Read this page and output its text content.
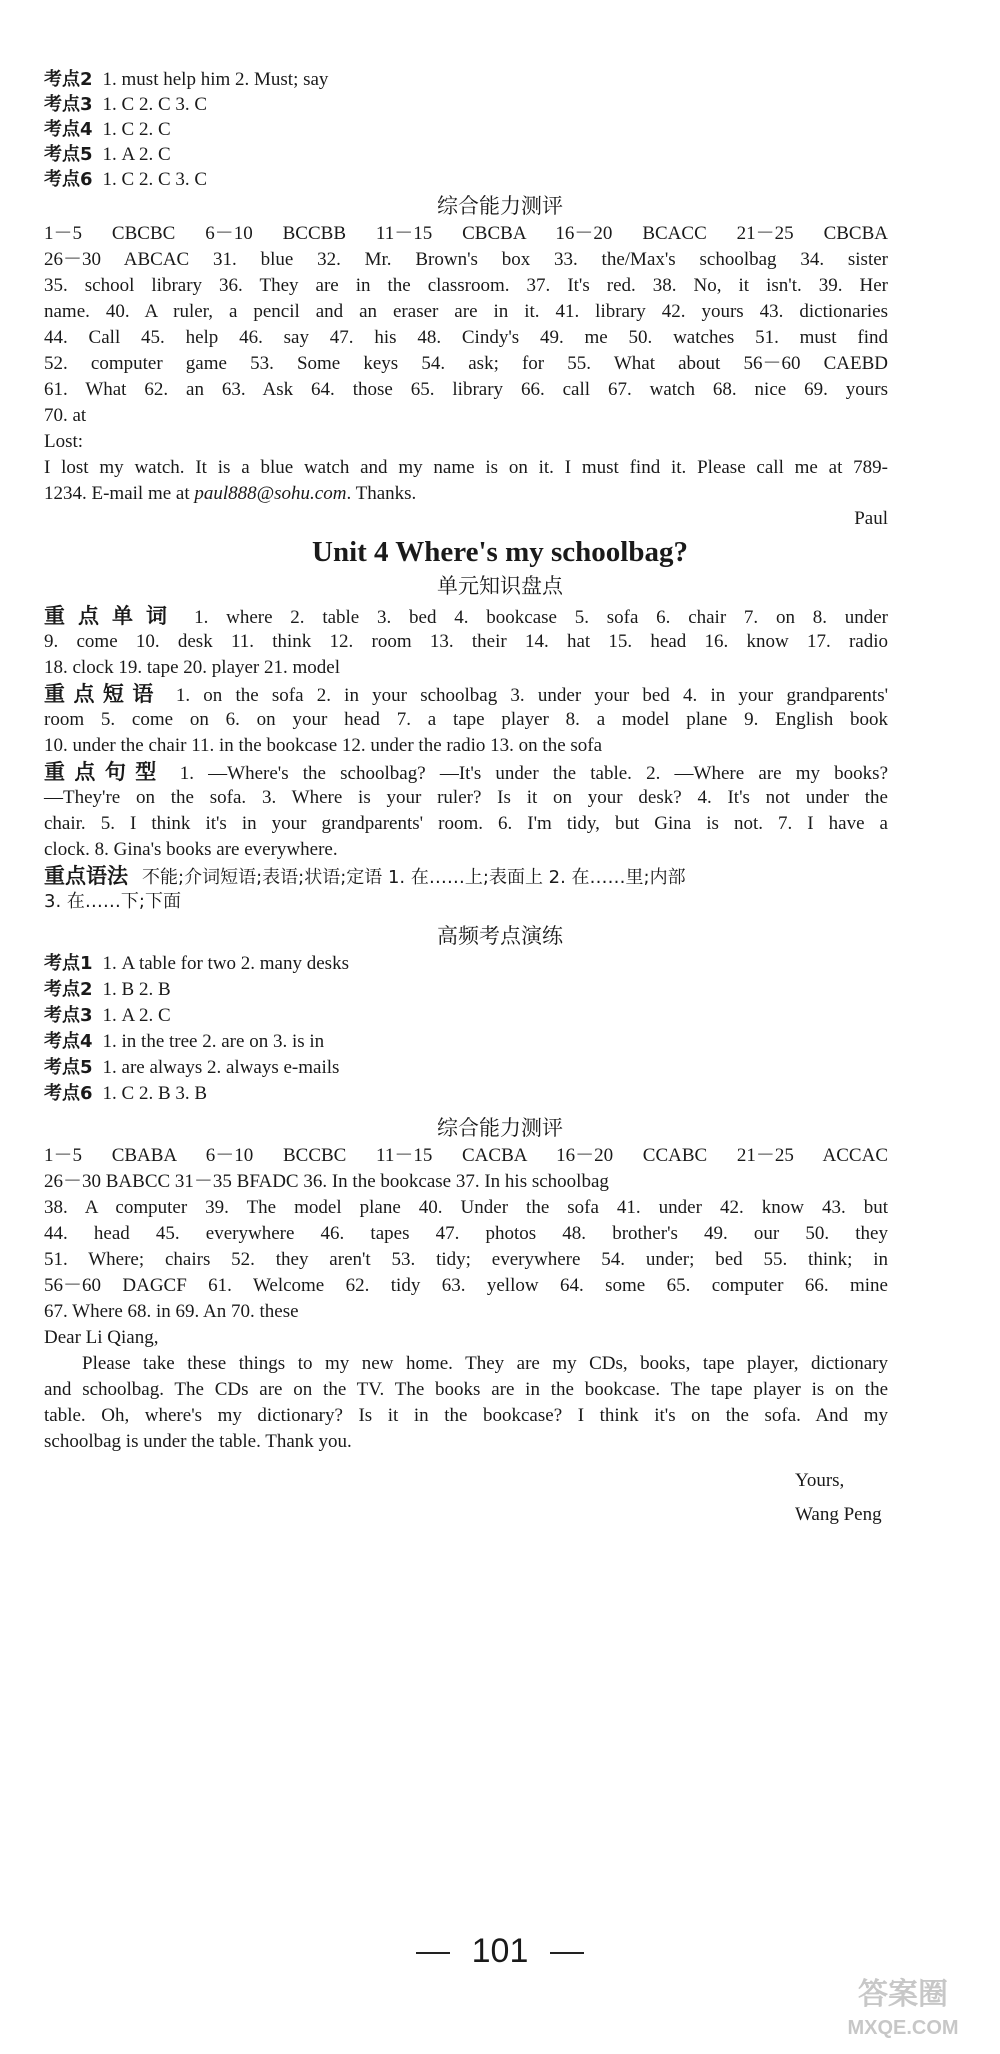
考点2 1. must help him 2. Must; say
考点3 1. C 2. C 3. C
考点4 1. C 2. C
考点5 1. A 2. C
考点6 1. C 2. C 3. C
综合能力测评
1－5 CBCBC 6－10 BCCBB 11－15 CBCBA 16－20 BCACC 21－25 CBCBA
26－30 ABCAC 31. blue 32. Mr. Brown's box 33. the/Max's schoolbag 34. sister
35. school library 36. They are in the classroom. 37. It's red. 38. No, it isn't. 39. Her
name. 40. A ruler, a pencil and an eraser are in it. 41. library 42. yours 43. dictionaries
44. Call 45. help 46. say 47. his 48. Cindy's 49. me 50. watches 51. must find
52. computer game 53. Some keys 54. ask; for 55. What about 56－60 CAEBD
61. What 62. an 63. Ask 64. those 65. library 66. call 67. watch 68. nice 69. yours
70. at
Lost:
I lost my watch. It is a blue watch and my name is on it. I must find it. Please call me at 789-
1234. E-mail me at paul888@sohu.com. Thanks.
Paul
Unit 4 Where's my schoolbag?
单元知识盘点
重点单词 1. where 2. table 3. bed 4. bookcase 5. sofa 6. chair 7. on 8. under
9. come 10. desk 11. think 12. room 13. their 14. hat 15. head 16. know 17. radio
18. clock 19. tape 20. player 21. model
重点短语 1. on the sofa 2. in your schoolbag 3. under your bed 4. in your grandparents'
room 5. come on 6. on your head 7. a tape player 8. a model plane 9. English book
10. under the chair 11. in the bookcase 12. under the radio 13. on the sofa
重点句型 1. —Where's the schoolbag? —It's under the table. 2. —Where are my books?
—They're on the sofa. 3. Where is your ruler? Is it on your desk? 4. It's not under the
chair. 5. I think it's in your grandparents' room. 6. I'm tidy, but Gina is not. 7. I have a
clock. 8. Gina's books are everywhere.
重点语法 不能;介词短语;表语;状语;定语 1. 在……上;表面上 2. 在……里;内部
3. 在……下;下面
高频考点演练
考点1 1. A table for two 2. many desks
考点2 1. B 2. B
考点3 1. A 2. C
考点4 1. in the tree 2. are on 3. is in
考点5 1. are always 2. always e-mails
考点6 1. C 2. B 3. B
综合能力测评
1－5 CBABA 6－10 BCCBC 11－15 CACBA 16－20 CCABC 21－25 ACCAC
26－30 BABCC 31－35 BFADC 36. In the bookcase 37. In his schoolbag
38. A computer 39. The model plane 40. Under the sofa 41. under 42. know 43. but
44. head 45. everywhere 46. tapes 47. photos 48. brother's 49. our 50. they
51. Where; chairs 52. they aren't 53. tidy; everywhere 54. under; bed 55. think; in
56－60 DAGCF 61. Welcome 62. tidy 63. yellow 64. some 65. computer 66. mine
67. Where 68. in 69. An 70. these
Dear Li Qiang,
Please take these things to my new home. They are my CDs, books, tape player, dictionary
and schoolbag. The CDs are on the TV. The books are in the bookcase. The tape player is on the
table. Oh, where's my dictionary? Is it in the bookcase? I think it's on the sofa. And my
schoolbag is under the table. Thank you.
Yours,
Wang Peng
101
答案圈
MXQE.COM
